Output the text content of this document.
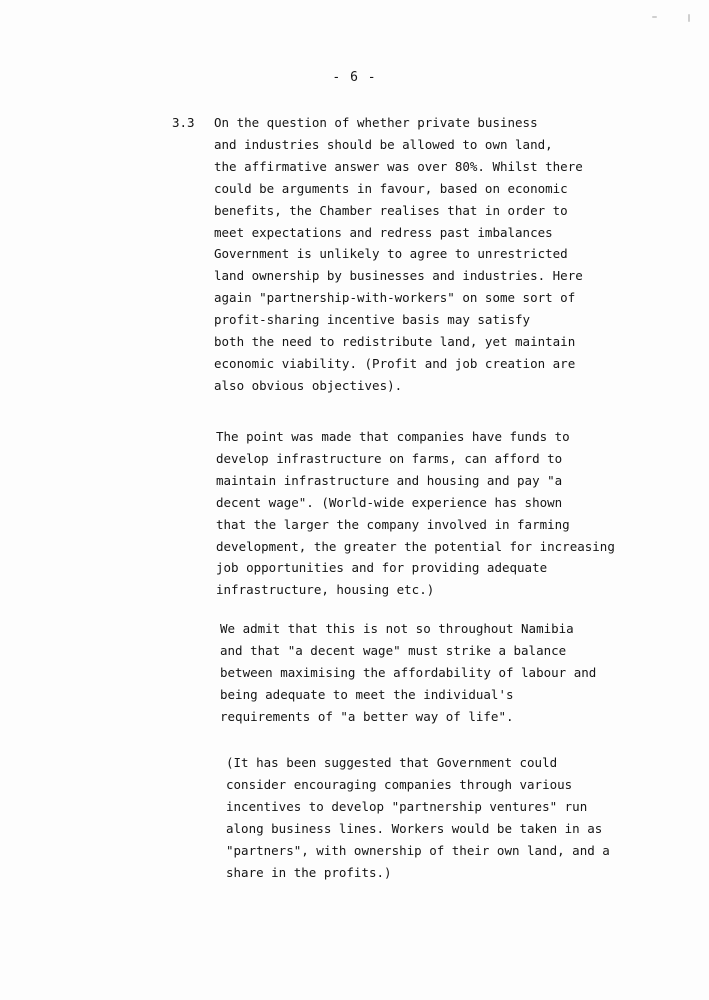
- 6 -
3.3 On the question of whether private business
and industries should be allowed to own land,
the affirmative answer was over 80%. Whilst there
could be arguments in favour, based on economic
benefits, the Chamber realises that in order to
meet expectations and redress past imbalances
Government is unlikely to agree to unrestricted
land ownership by businesses and industries. Here
again "partnership-with-workers" on some sort of
profit-sharing incentive basis may satisfy
both the need to redistribute land, yet maintain
economic viability. (Profit and job creation are
also obvious objectives).
The point was made that companies have funds to
develop infrastructure on farms, can afford to
maintain infrastructure and housing and pay "a
decent wage". (World-wide experience has shown
that the larger the company involved in farming
development, the greater the potential for increasing
job opportunities and for providing adequate
infrastructure, housing etc.)
We admit that this is not so throughout Namibia
and that "a decent wage" must strike a balance
between maximising the affordability of labour and
being adequate to meet the individual's
requirements of "a better way of life".
(It has been suggested that Government could
consider encouraging companies through various
incentives to develop "partnership ventures" run
along business lines. Workers would be taken in as
"partners", with ownership of their own land, and a
share in the profits.)
